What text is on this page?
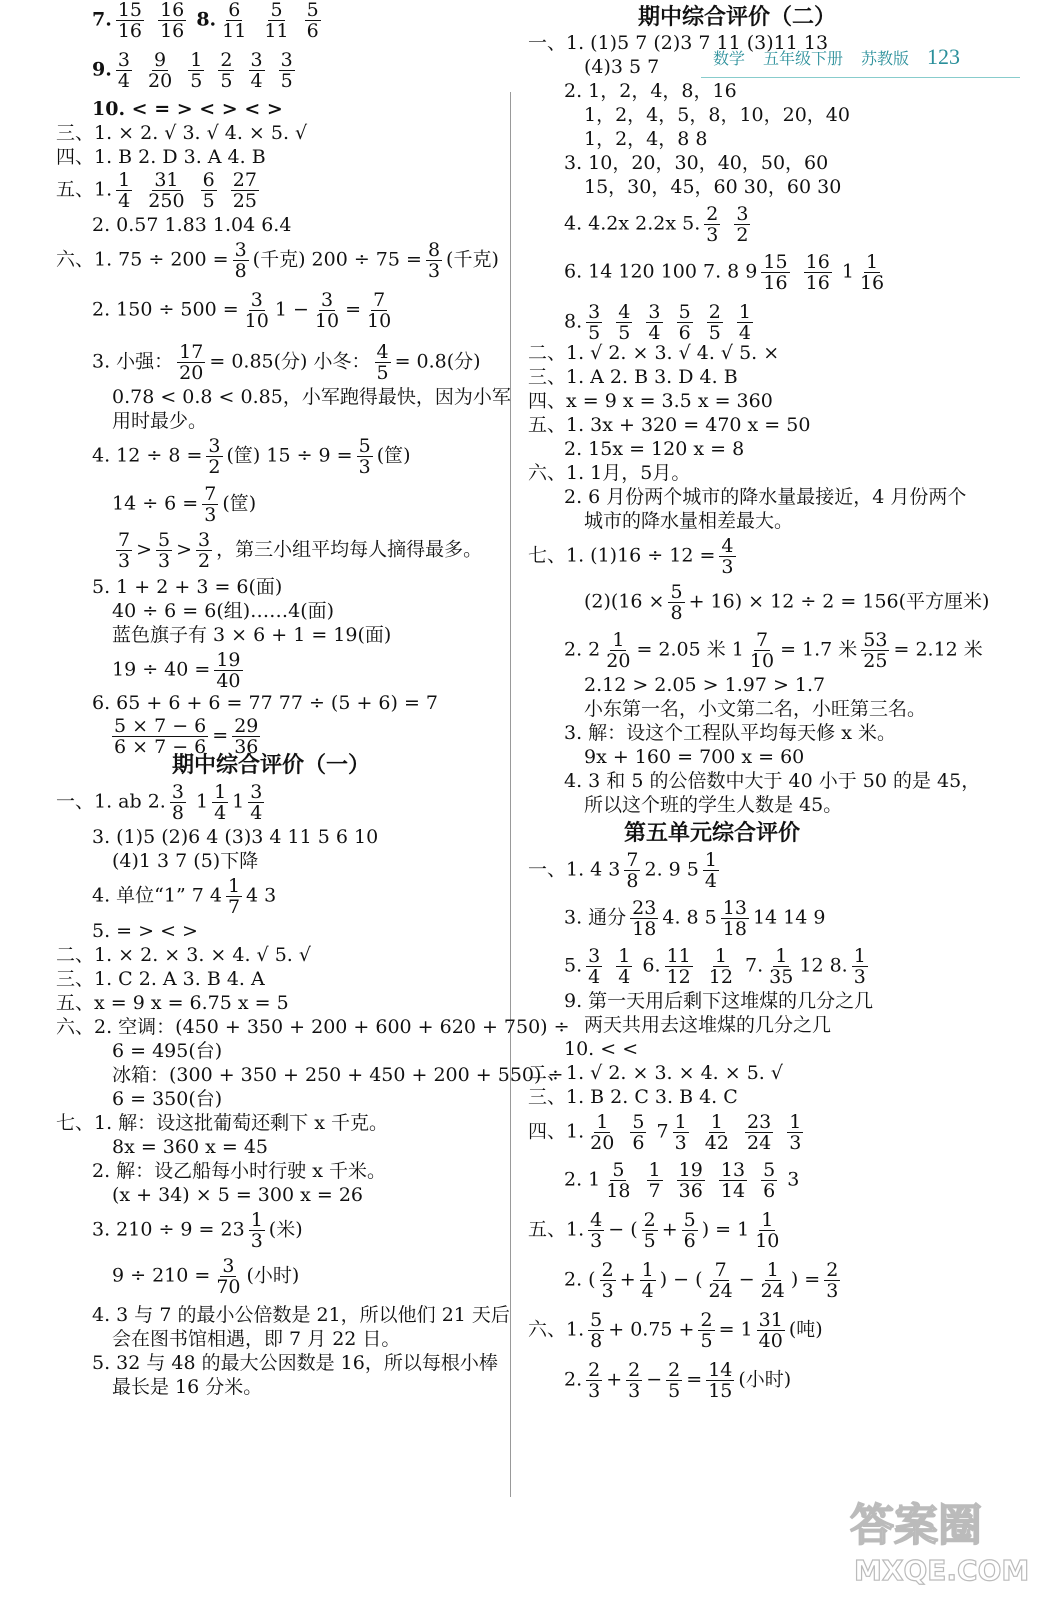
数学 五年级下册 苏教版 123
7. $\frac{15}{16}$
$\frac{16}{16} 8$. $\frac{6}{11}$
$\frac{5}{11}$
$\frac{5}{6}$
9. $\frac{3}{4}$
$\frac{9}{20}$
$\frac{1}{5}$
$\frac{2}{5}$
$\frac{3}{4}$
$\frac{3}{5}$
10. < = > < > < >
三、1. × 2. √ 3. √ 4. × 5. √
四、1. B 2. D 3. A 4. B
五、1. $\frac{1}{4}$
$\frac{31}{250}$
$\frac{6}{5}$
$\frac{27}{25}$
2. 0.57 1.83 1.04 6.4
六、1. $75 \div 200 = \frac{3}{8}$ (千克) $200 \div 75 = \frac{8}{3}$ (千克)
2. $150 \div 500 = \frac{3}{10} 1 - \frac{3}{10} = \frac{7}{10}$
3. 小强： $\frac{17}{20} = 0.85$(分) 小冬： $\frac{4}{5} = 0.8$(分)
0.78 < 0.8 < 0.85，小军跑得最快，因为小军
用时最少。
4. $12 \div 8 = \frac{3}{2}$ (筐) $15 \div 9 = \frac{5}{3}$ (筐)
$14 \div 6 = \frac{7}{3}$ (筐)
$\frac{7}{3} > \frac{5}{3} > \frac{3}{2}$ ，第三小组平均每人摘得最多。
5. 1 + 2 + 3 = 6(面)
40 ÷ 6 = 6(组)……4(面)
蓝色旗子有 3 × 6 + 1 = 19(面)
$19 \div 40 = \frac{19}{40}$
6. 65 + 6 + 6 = 77 77 ÷ (5 + 6) = 7
$\frac{5 \times 7 - 6}{6 \times 7 - 6} = \frac{29}{36}$
期中综合评价（一）
一、1. ab 2. $\frac{3}{8} 1 \frac{1}{4} 1 \frac{3}{4}$
3. (1)5 (2)6 4 (3)3 4 11 5 6 10
(4)1 3 7 (5)下降
4. 单位“1” 7 $4 \frac{1}{7} 4$ 3
5. = > < >
二、1. × 2. × 3. × 4. √ 5. √
三、1. C 2. A 3. B 4. A
五、x = 9 x = 6.75 x = 5
六、2. 空调：(450 + 350 + 200 + 600 + 620 + 750) ÷
6 = 495(台)
冰箱：(300 + 350 + 250 + 450 + 200 + 550) ÷
6 = 350(台)
七、1. 解：设这批葡萄还剩下 x 千克。
8x = 360 x = 45
2. 解：设乙船每小时行驶 x 千米。
(x + 34) × 5 = 300 x = 26
3. $210 \div 9 = 23 \frac{1}{3}$ (米)
$9 \div 210 = \frac{3}{70}$ (小时)
4. 3 与 7 的最小公倍数是 21，所以他们 21 天后
会在图书馆相遇，即 7 月 22 日。
5. 32 与 48 的最大公因数是 16，所以每根小棒
最长是 16 分米。
期中综合评价（二）
一、1. (1)5 7 (2)3 7 11 (3)11 13
(4)3 5 7
2. 1，2，4，8，16
1，2，4，5，8，10，20，40
1，2，4，8 8
3. 10，20，30，40，50，60
15，30，45，60 30，60 30
4. 4.2x 2.2x 5. $\frac{2}{3}$
$\frac{3}{2}$
6. 14 120 100 7. 8 $9 \frac{15}{16}$
$\frac{16}{16} 1 \frac{1}{16}$
8. $\frac{3}{5}$
$\frac{4}{5}$
$\frac{3}{4}$
$\frac{5}{6}$
$\frac{2}{5}$
$\frac{1}{4}$
二、1. √ 2. × 3. √ 4. √ 5. ×
三、1. A 2. B 3. D 4. B
四、x = 9 x = 3.5 x = 360
五、1. 3x + 320 = 470 x = 50
2. 15x = 120 x = 8
六、1. 1月，5月。
2. 6 月份两个城市的降水量最接近，4 月份两个
城市的降水量相差最大。
七、1. $(1)16 \div 12 = \frac{4}{3}$
$(2)(16 \times \frac{5}{8} + 16) \times 12 \div 2 = 156$(平方厘米)
2. $2 \frac{1}{20} = 2.05$ 米 $1 \frac{7}{10} = 1.7$ 米 $\frac{53}{25} = 2.12$ 米
2.12 > 2.05 > 1.97 > 1.7
小东第一名，小文第二名，小旺第三名。
3. 解：设这个工程队平均每天修 x 米。
9x + 160 = 700 x = 60
4. 3 和 5 的公倍数中大于 40 小于 50 的是 45，
所以这个班的学生人数是 45。
第五单元综合评价
一、1. 4 $3 \frac{7}{8} 2$. 9 $5 \frac{1}{4}$
3. 通分 $\frac{23}{18} 4$. 8 $5 \frac{13}{18} 14$ 14 9
5. $\frac{3}{4}$
$\frac{1}{4} 6$. $\frac{11}{12}$
$\frac{1}{12} 7$. $\frac{1}{35} 12$ 8. $\frac{1}{3}$
9. 第一天用后剩下这堆煤的几分之几
两天共用去这堆煤的几分之几
10. < <
二、1. √ 2. × 3. × 4. × 5. √
三、1. B 2. C 3. B 4. C
四、1. $\frac{1}{20}$
$\frac{5}{6} 7 \frac{1}{3}$
$\frac{1}{42}$
$\frac{23}{24}$
$\frac{1}{3}$
2. $1 \frac{5}{18}$
$\frac{1}{7}$
$\frac{19}{36}$
$\frac{13}{14}$
$\frac{5}{6} 3$
五、1. $\frac{4}{3}$ − ( $\frac{2}{5} + \frac{5}{6}$ ) = $1 \frac{1}{10}$
2. ( $\frac{2}{3} + \frac{1}{4}$ ) − ( $\frac{7}{24} - \frac{1}{24}$ ) = $\frac{2}{3}$
六、1. $\frac{5}{8} + 0.75 + \frac{2}{5} = 1 \frac{31}{40}$ (吨)
2. $\frac{2}{3} + \frac{2}{3} - \frac{2}{5} = \frac{14}{15}$ (小时)
答案圈
MXQE.COM
